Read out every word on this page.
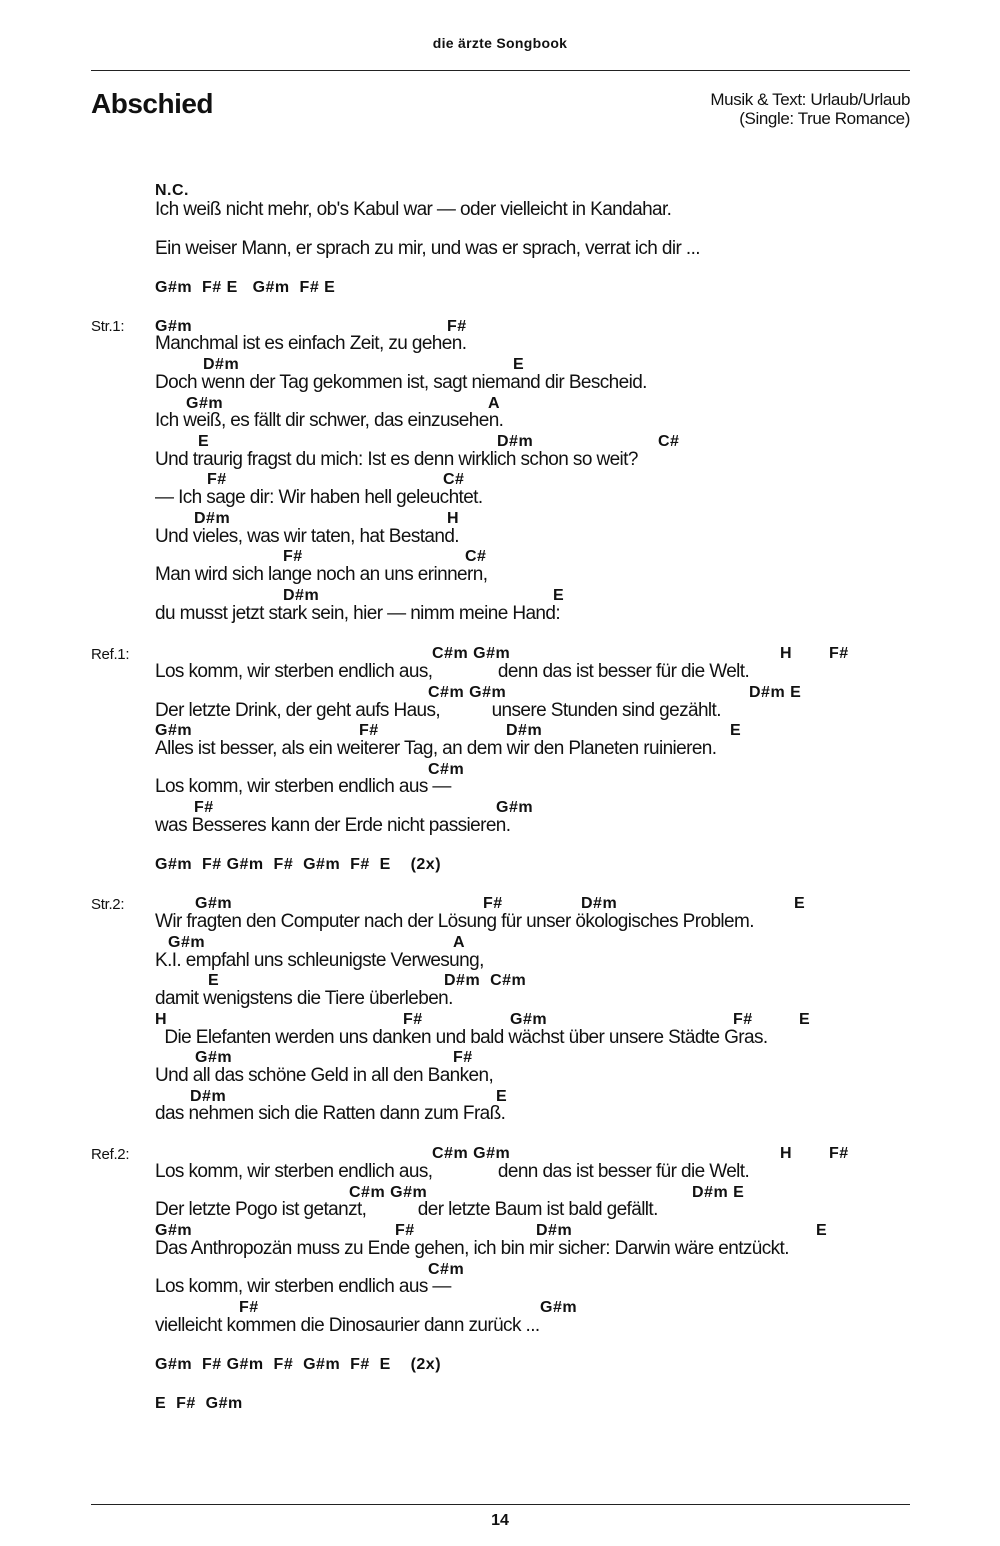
die ärzte Songbook
Abschied	Musik & Text: Urlaub/Urlaub
(Single: True Romance)
N.C.
Ich weiß nicht mehr, ob's Kabul war — oder vielleicht in Kandahar.
Ein weiser Mann, er sprach zu mir, und was er sprach, verrat ich dir ...
G#m  F# E   G#m  F# E
Str.1: G#m	F#
Manchmal ist es einfach Zeit, zu gehen.
D#m	E
Doch wenn der Tag gekommen ist, sagt niemand dir Bescheid.
G#m	A
Ich weiß, es fällt dir schwer, das einzusehen.
E	D#m	C#
Und traurig fragst du mich: Ist es denn wirklich schon so weit?
F#	C#
— Ich sage dir: Wir haben hell geleuchtet.
D#m	H
Und vieles, was wir taten, hat Bestand.
F#	C#
Man wird sich lange noch an uns erinnern,
D#m	E
du musst jetzt stark sein, hier — nimm meine Hand:
Ref.1:	C#m G#m	H F#
Los komm, wir sterben endlich aus,              denn das ist besser für die Welt.
C#m G#m	D#m E
Der letzte Drink, der geht aufs Haus,           unsere Stunden sind gezählt.
G#m	F#	D#m	E
Alles ist besser, als ein weiterer Tag, an dem wir den Planeten ruinieren.
C#m
Los komm, wir sterben endlich aus —
F#	G#m
was Besseres kann der Erde nicht passieren.
G#m  F# G#m  F#  G#m  F#  E    (2x)
Str.2:	G#m	F#	D#m	E
Wir fragten den Computer nach der Lösung für unser ökologisches Problem.
G#m	A
K.I. empfahl uns schleunigste Verwesung,
E	D#m  C#m
damit wenigstens die Tiere überleben.
H	F#	G#m	F#	E
Die Elefanten werden uns danken und bald wächst über unsere Städte Gras.
G#m	F#
Und all das schöne Geld in all den Banken,
D#m	E
das nehmen sich die Ratten dann zum Fraß.
Ref.2:	C#m G#m	H F#
Los komm, wir sterben endlich aus,              denn das ist besser für die Welt.
C#m G#m	D#m E
Der letzte Pogo ist getanzt,           der letzte Baum ist bald gefällt.
G#m	F#	D#m	E
Das Anthropozän muss zu Ende gehen, ich bin mir sicher: Darwin wäre entzückt.
C#m
Los komm, wir sterben endlich aus —
F#	G#m
vielleicht kommen die Dinosaurier dann zurück ...
G#m  F# G#m  F#  G#m  F#  E    (2x)
E  F#  G#m
14
